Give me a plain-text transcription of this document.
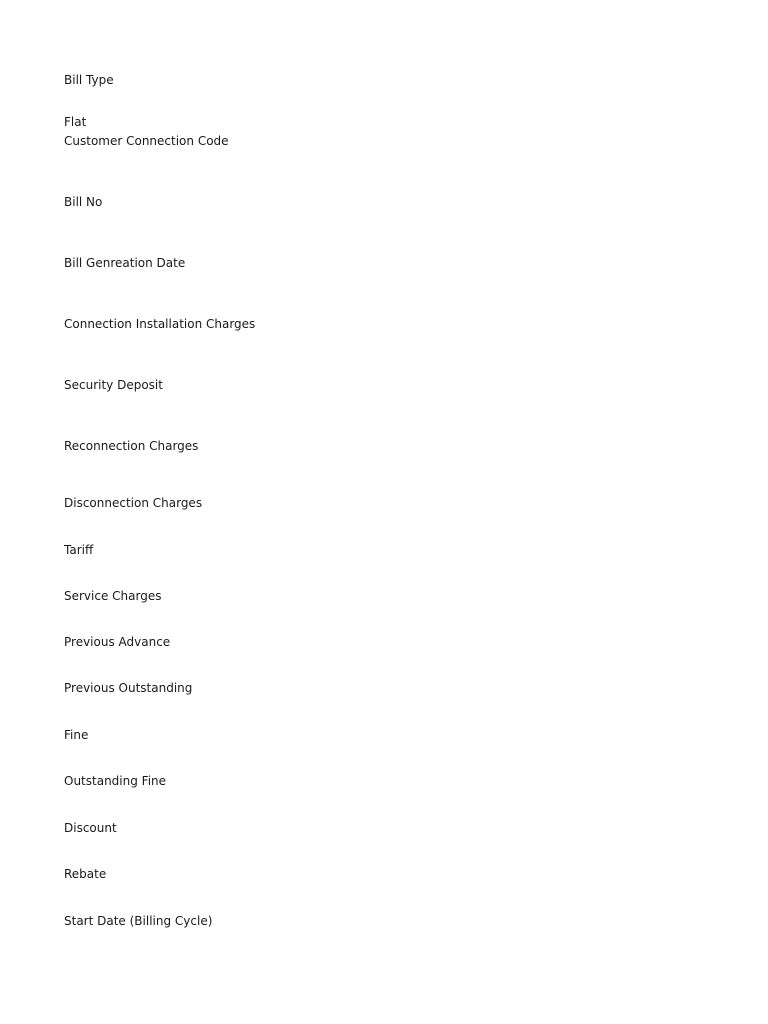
Bill Type
Flat
Customer Connection Code
Bill No
Bill Genreation Date
Connection Installation Charges
Security Deposit
Reconnection Charges
Disconnection Charges
Tariff
Service Charges
Previous Advance
Previous Outstanding
Fine
Outstanding Fine
Discount
Rebate
Start Date (Billing Cycle)
